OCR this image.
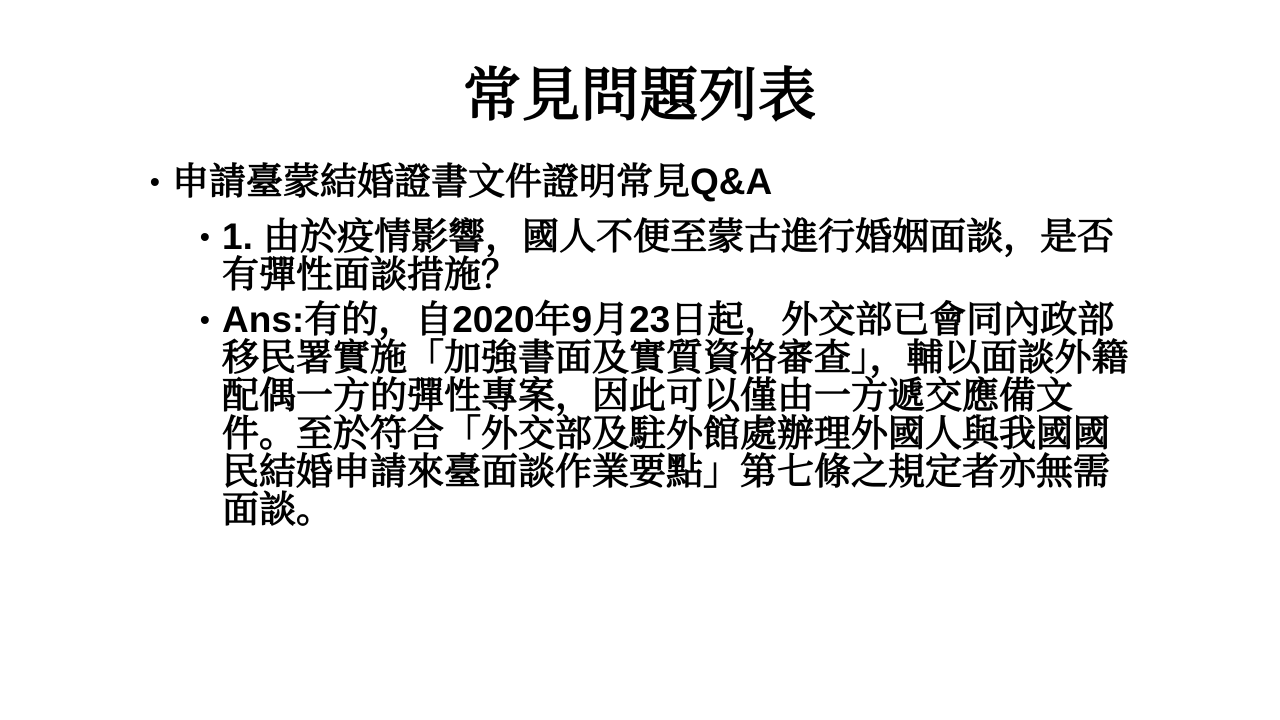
常見問題列表
• 申請臺蒙結婚證書文件證明常見Q&A
• 1. 由於疫情影響，國人不便至蒙古進行婚姻面談，是否有彈性面談措施？
• Ans:有的，自2020年9月23日起，外交部已會同內政部移民署實施「加強書面及實質資格審查」，輔以面談外籍配偶一方的彈性專案，因此可以僅由一方遞交應備文件。至於符合「外交部及駐外館處辦理外國人與我國國民結婚申請來臺面談作業要點」第七條之規定者亦無需面談。
